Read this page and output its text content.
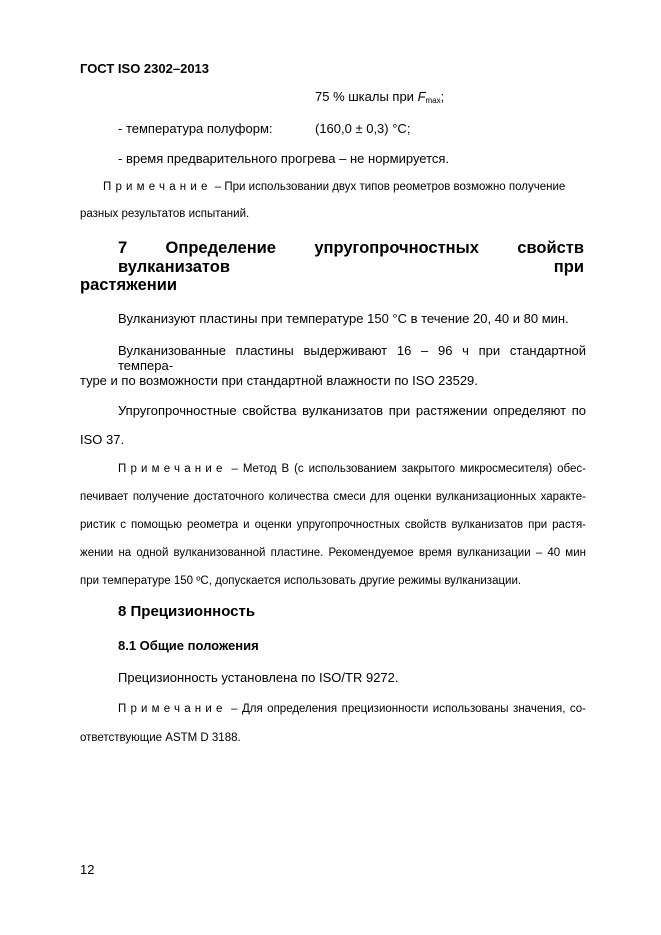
ГОСТ ISO 2302–2013
75 % шкалы при $F_{max}$;
- температура полуформ:	(160,0 ± 0,3) °C;
- время предварительного прогрева – не нормируется.
Примечание – При использовании двух типов реометров возможно получение
разных результатов испытаний.
7 Определение упругопрочностных свойств вулканизатов при
растяжении
Вулканизуют пластины при температуре 150 °С в течение 20, 40 и 80 мин.
Вулканизованные пластины выдерживают 16 – 96 ч при стандартной темпера-
туре и по возможности при стандартной влажности по ISO 23529.
Упругопрочностные свойства вулканизатов при растяжении определяют по
ISO 37.
Примечание – Метод В (с использованием закрытого микросмесителя) обес-
печивает получение достаточного количества смеси для оценки вулканизационных характе-
ристик с помощью реометра и оценки упругопрочностных свойств вулканизатов при растя-
жении на одной вулканизованной пластине. Рекомендуемое время вулканизации – 40 мин
при температуре 150 ºС, допускается использовать другие режимы вулканизации.
8 Прецизионность
8.1 Общие положения
Прецизионность установлена по ISO/TR 9272.
Примечание – Для определения прецизионности использованы значения, со-
ответствующие ASTM D 3188.
12
